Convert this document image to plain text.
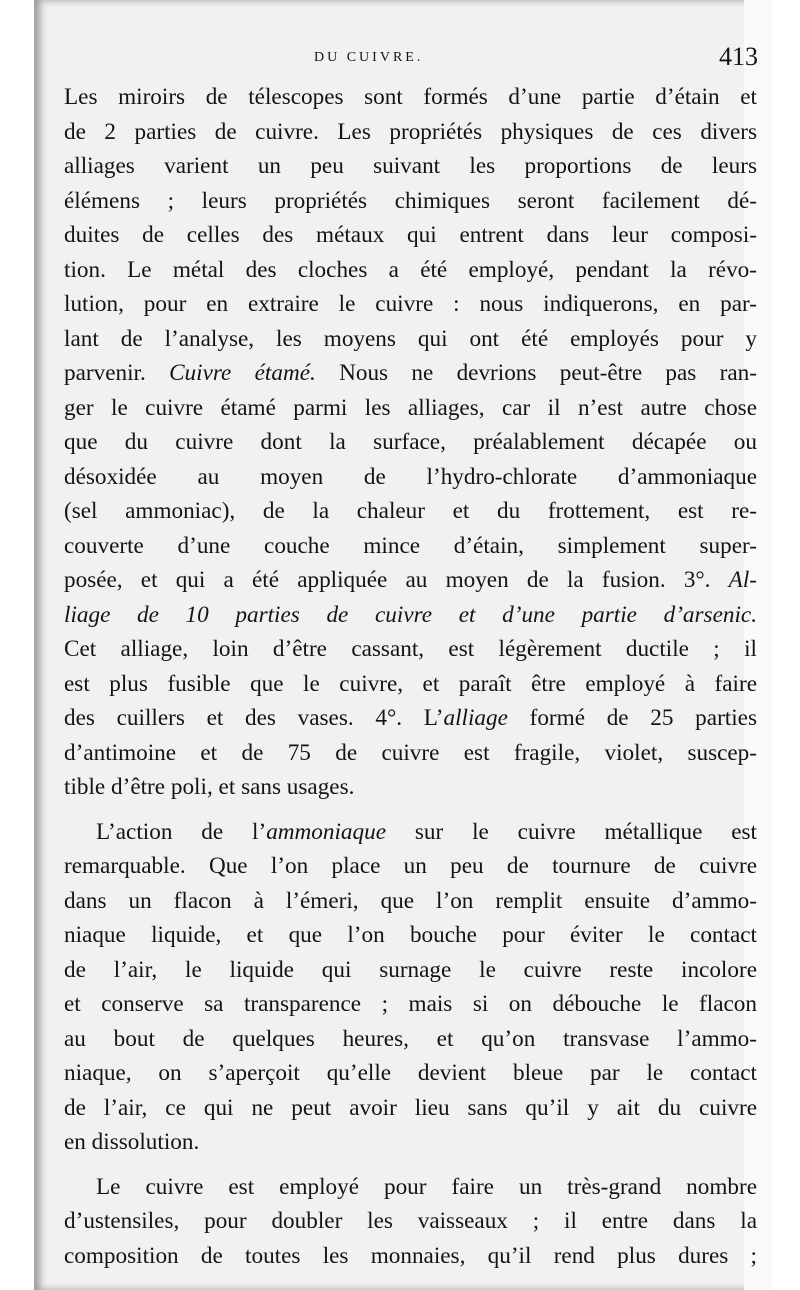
DU CUIVRE.	413
Les miroirs de télescopes sont formés d’une partie d’étain et
de 2 parties de cuivre. Les propriétés physiques de ces divers
alliages varient un peu suivant les proportions de leurs
élémens ; leurs propriétés chimiques seront facilement dé-
duites de celles des métaux qui entrent dans leur composi-
tion. Le métal des cloches a été employé, pendant la révo-
lution, pour en extraire le cuivre : nous indiquerons, en par-
lant de l’analyse, les moyens qui ont été employés pour y
parvenir. Cuivre étamé. Nous ne devrions peut-être pas ran-
ger le cuivre étamé parmi les alliages, car il n’est autre chose
que du cuivre dont la surface, préalablement décapée ou
désoxidée au moyen de l’hydro-chlorate d’ammoniaque
(sel ammoniac), de la chaleur et du frottement, est re-
couverte d’une couche mince d’étain, simplement super-
posée, et qui a été appliquée au moyen de la fusion. 3°. Al-
liage de 10 parties de cuivre et d’une partie d’arsenic.
Cet alliage, loin d’être cassant, est légèrement ductile ; il
est plus fusible que le cuivre, et paraît être employé à faire
des cuillers et des vases. 4°. L’alliage formé de 25 parties
d’antimoine et de 75 de cuivre est fragile, violet, suscep-
tible d’être poli, et sans usages.
L’action de l’ammoniaque sur le cuivre métallique est
remarquable. Que l’on place un peu de tournure de cuivre
dans un flacon à l’émeri, que l’on remplit ensuite d’ammo-
niaque liquide, et que l’on bouche pour éviter le contact
de l’air, le liquide qui surnage le cuivre reste incolore
et conserve sa transparence ; mais si on débouche le flacon
au bout de quelques heures, et qu’on transvase l’ammo-
niaque, on s’aperçoit qu’elle devient bleue par le contact
de l’air, ce qui ne peut avoir lieu sans qu’il y ait du cuivre
en dissolution.
Le cuivre est employé pour faire un très-grand nombre
d’ustensiles, pour doubler les vaisseaux ; il entre dans la
composition de toutes les monnaies, qu’il rend plus dures ;
